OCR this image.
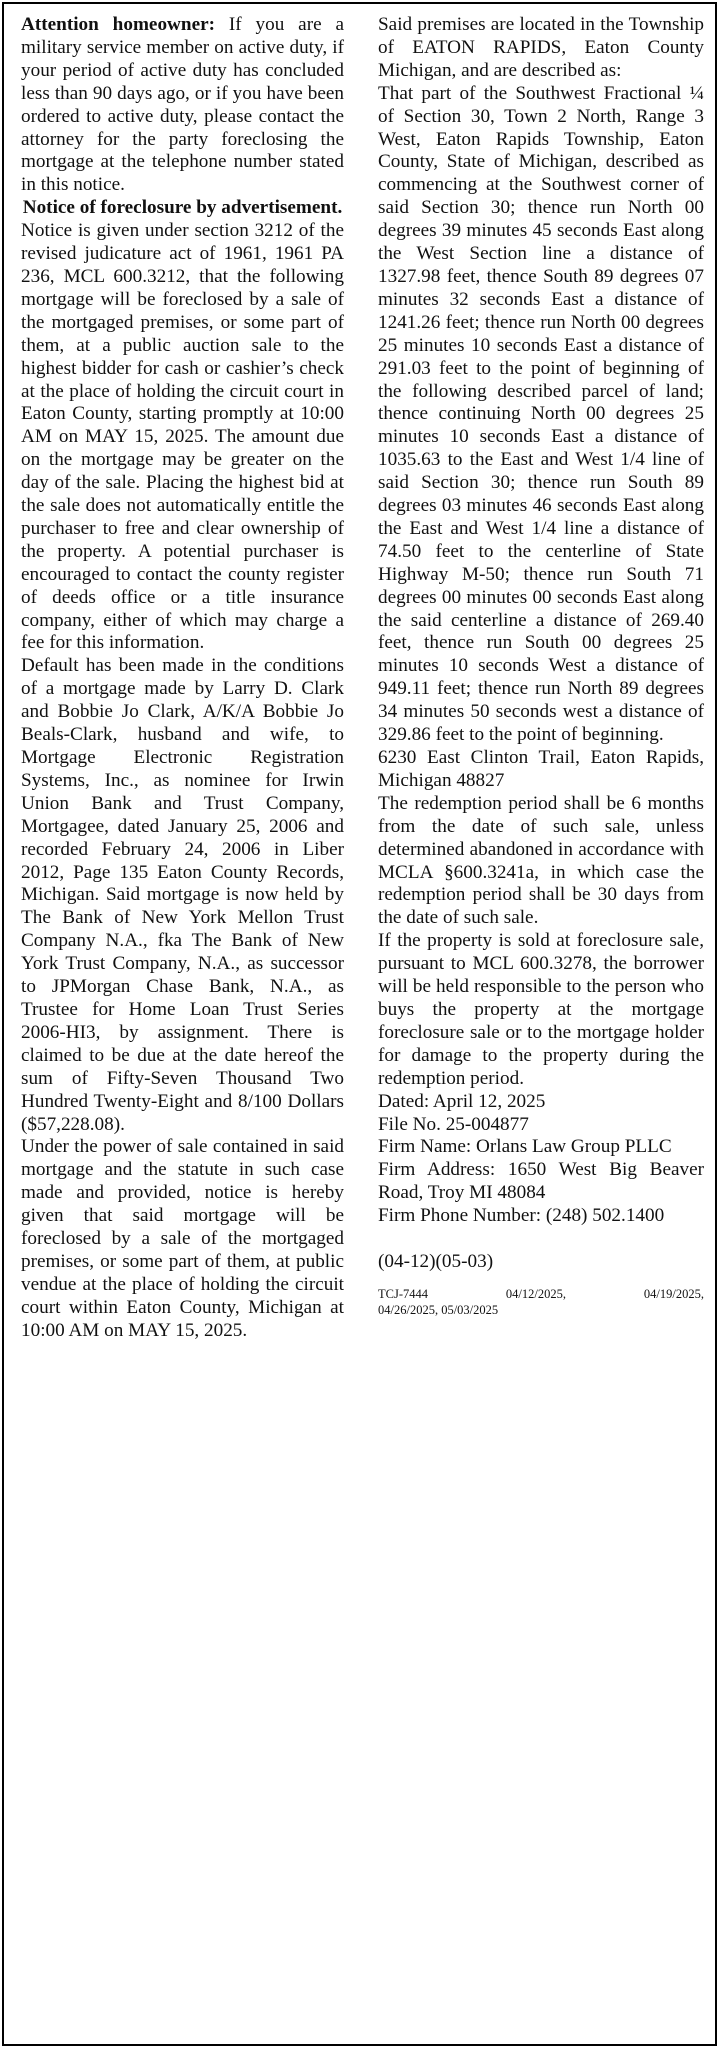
Attention homeowner: If you are a military service member on active duty, if your period of active duty has concluded less than 90 days ago, or if you have been ordered to active duty, please contact the attorney for the party foreclosing the mortgage at the telephone number stated in this notice.

Notice of foreclosure by advertisement.

Notice is given under section 3212 of the revised judicature act of 1961, 1961 PA 236, MCL 600.3212, that the following mortgage will be foreclosed by a sale of the mortgaged premises, or some part of them, at a public auction sale to the highest bidder for cash or cashier’s check at the place of holding the circuit court in Eaton County, starting promptly at 10:00 AM on MAY 15, 2025. The amount due on the mortgage may be greater on the day of the sale. Placing the highest bid at the sale does not automatically entitle the purchaser to free and clear ownership of the property. A potential purchaser is encouraged to contact the county register of deeds office or a title insurance company, either of which may charge a fee for this information.

Default has been made in the conditions of a mortgage made by Larry D. Clark and Bobbie Jo Clark, A/K/A Bobbie Jo Beals-Clark, husband and wife, to Mortgage Electronic Registration Systems, Inc., as nominee for Irwin Union Bank and Trust Company, Mortgagee, dated January 25, 2006 and recorded February 24, 2006 in Liber 2012, Page 135 Eaton County Records, Michigan. Said mortgage is now held by The Bank of New York Mellon Trust Company N.A., fka The Bank of New York Trust Company, N.A., as successor to JPMorgan Chase Bank, N.A., as Trustee for Home Loan Trust Series 2006-HI3, by assignment. There is claimed to be due at the date hereof the sum of Fifty-Seven Thousand Two Hundred Twenty-Eight and 8/100 Dollars ($57,228.08).

Under the power of sale contained in said mortgage and the statute in such case made and provided, notice is hereby given that said mortgage will be foreclosed by a sale of the mortgaged premises, or some part of them, at public vendue at the place of holding the circuit court within Eaton County, Michigan at 10:00 AM on MAY 15, 2025.

Said premises are located in the Township of EATON RAPIDS, Eaton County Michigan, and are described as:

That part of the Southwest Fractional ¼ of Section 30, Town 2 North, Range 3 West, Eaton Rapids Township, Eaton County, State of Michigan, described as commencing at the Southwest corner of said Section 30; thence run North 00 degrees 39 minutes 45 seconds East along the West Section line a distance of 1327.98 feet, thence South 89 degrees 07 minutes 32 seconds East a distance of 1241.26 feet; thence run North 00 degrees 25 minutes 10 seconds East a distance of 291.03 feet to the point of beginning of the following described parcel of land; thence continuing North 00 degrees 25 minutes 10 seconds East a distance of 1035.63 to the East and West 1/4 line of said Section 30; thence run South 89 degrees 03 minutes 46 seconds East along the East and West 1/4 line a distance of 74.50 feet to the centerline of State Highway M-50; thence run South 71 degrees 00 minutes 00 seconds East along the said centerline a distance of 269.40 feet, thence run South 00 degrees 25 minutes 10 seconds West a distance of 949.11 feet; thence run North 89 degrees 34 minutes 50 seconds west a distance of 329.86 feet to the point of beginning.

6230 East Clinton Trail, Eaton Rapids, Michigan 48827

The redemption period shall be 6 months from the date of such sale, unless determined abandoned in accordance with MCLA §600.3241a, in which case the redemption period shall be 30 days from the date of such sale.

If the property is sold at foreclosure sale, pursuant to MCL 600.3278, the borrower will be held responsible to the person who buys the property at the mortgage foreclosure sale or to the mortgage holder for damage to the property during the redemption period.

Dated: April 12, 2025

File No. 25-004877

Firm Name: Orlans Law Group PLLC

Firm Address: 1650 West Big Beaver Road, Troy MI 48084

Firm Phone Number: (248) 502.1400

(04-12)(05-03)

TCJ-7444	04/12/2025,	04/19/2025,
04/26/2025, 05/03/2025
